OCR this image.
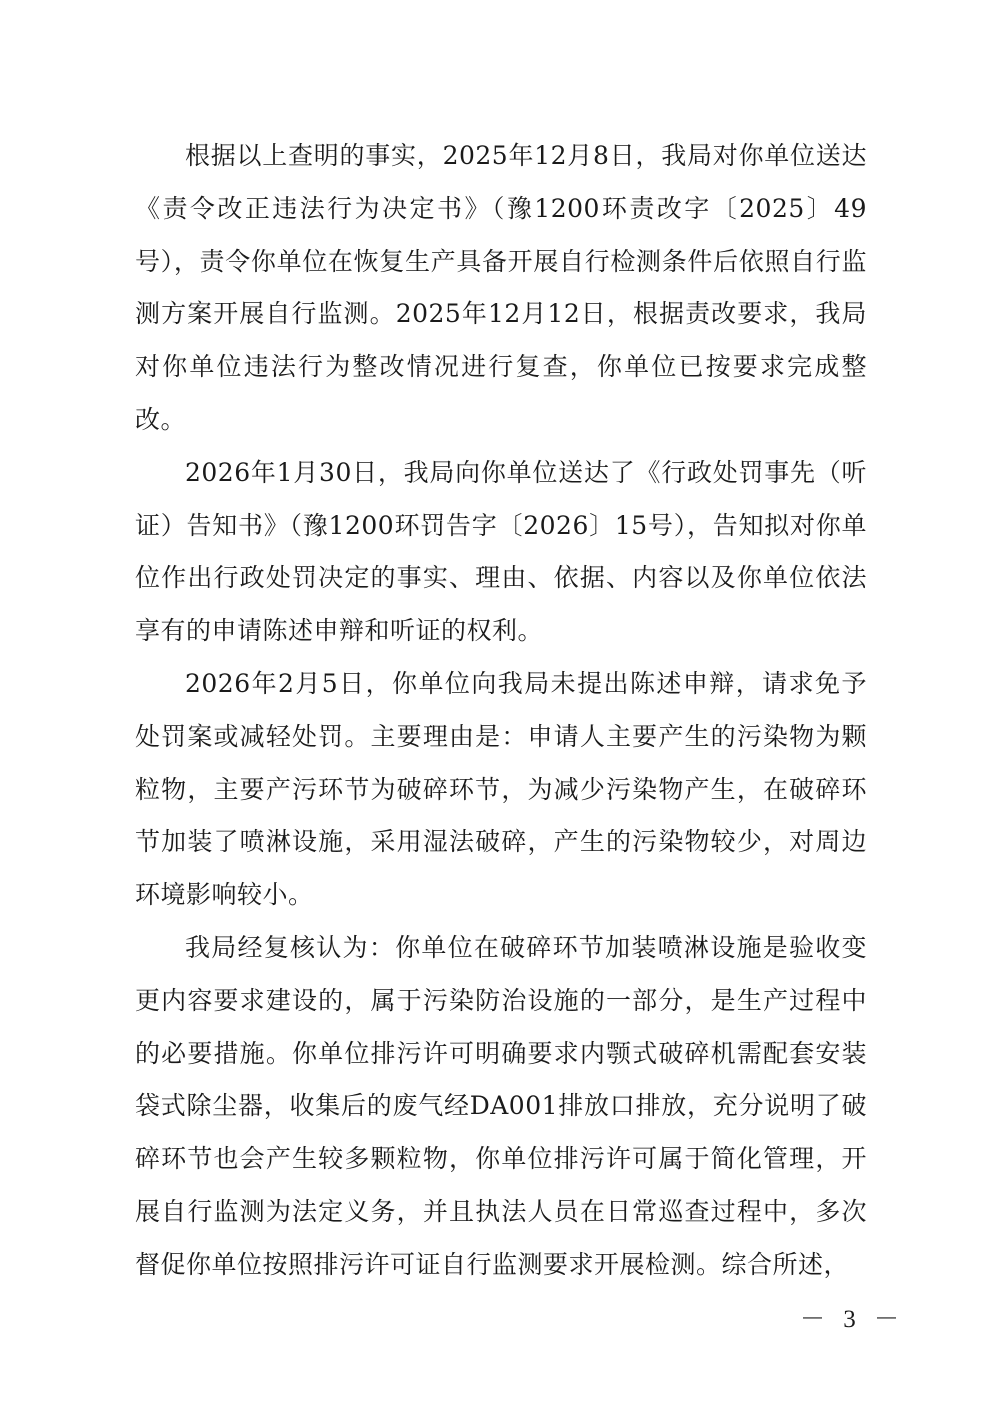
根据以上查明的事实，2025年12月8日，我局对你单位送达《责令改正违法行为决定书》（豫1200环责改字〔2025〕49号），责令你单位在恢复生产具备开展自行检测条件后依照自行监测方案开展自行监测。2025年12月12日，根据责改要求，我局对你单位违法行为整改情况进行复查，你单位已按要求完成整改。

2026年1月30日，我局向你单位送达了《行政处罚事先（听证）告知书》（豫1200环罚告字〔2026〕15号），告知拟对你单位作出行政处罚决定的事实、理由、依据、内容以及你单位依法享有的申请陈述申辩和听证的权利。

2026年2月5日，你单位向我局未提出陈述申辩，请求免予处罚案或减轻处罚。主要理由是：申请人主要产生的污染物为颗粒物，主要产污环节为破碎环节，为减少污染物产生，在破碎环节加装了喷淋设施，采用湿法破碎，产生的污染物较少，对周边环境影响较小。

我局经复核认为：你单位在破碎环节加装喷淋设施是验收变更内容要求建设的，属于污染防治设施的一部分，是生产过程中的必要措施。你单位排污许可明确要求内颚式破碎机需配套安装袋式除尘器，收集后的废气经DA001排放口排放，充分说明了破碎环节也会产生较多颗粒物，你单位排污许可属于简化管理，开展自行监测为法定义务，并且执法人员在日常巡查过程中，多次督促你单位按照排污许可证自行监测要求开展检测。综合所述，

－ 3 －
